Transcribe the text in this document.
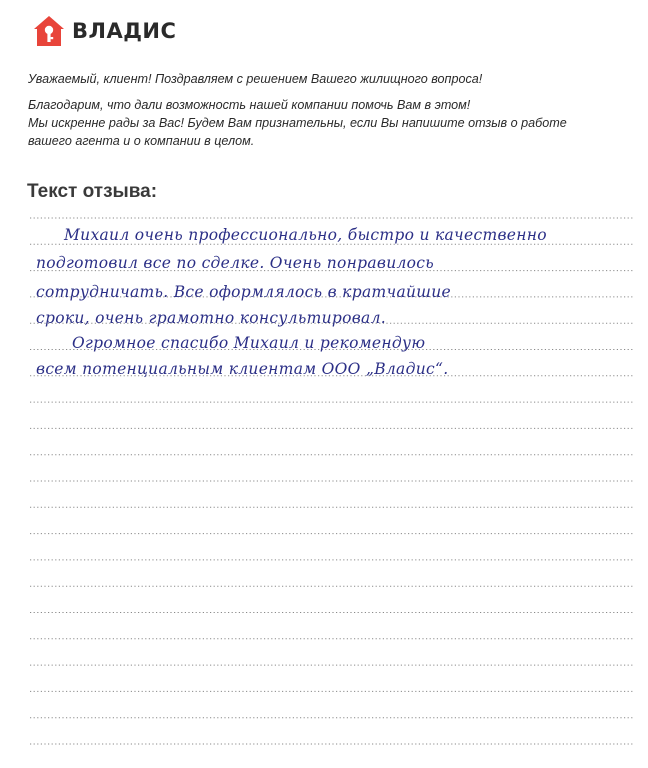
ВЛАДИС

Уважаемый, клиент! Поздравляем с решением Вашего жилищного вопроса!

Благодарим, что дали возможность нашей компании помочь Вам в этом!

Мы искренне рады за Вас! Будем Вам признательны, если Вы напишите отзыв о работе

вашего агента и о компании в целом.

Текст отзыва:
Михаил очень профессионально, быстро и качественно
подготовил все по сделке. Очень понравилось
сотрудничать. Все оформлялось в кратчайшие
сроки, очень грамотно консультировал.
Огромное спасибо Михаил и рекомендую
всем потенциальным клиентам ООО „Владис“.
